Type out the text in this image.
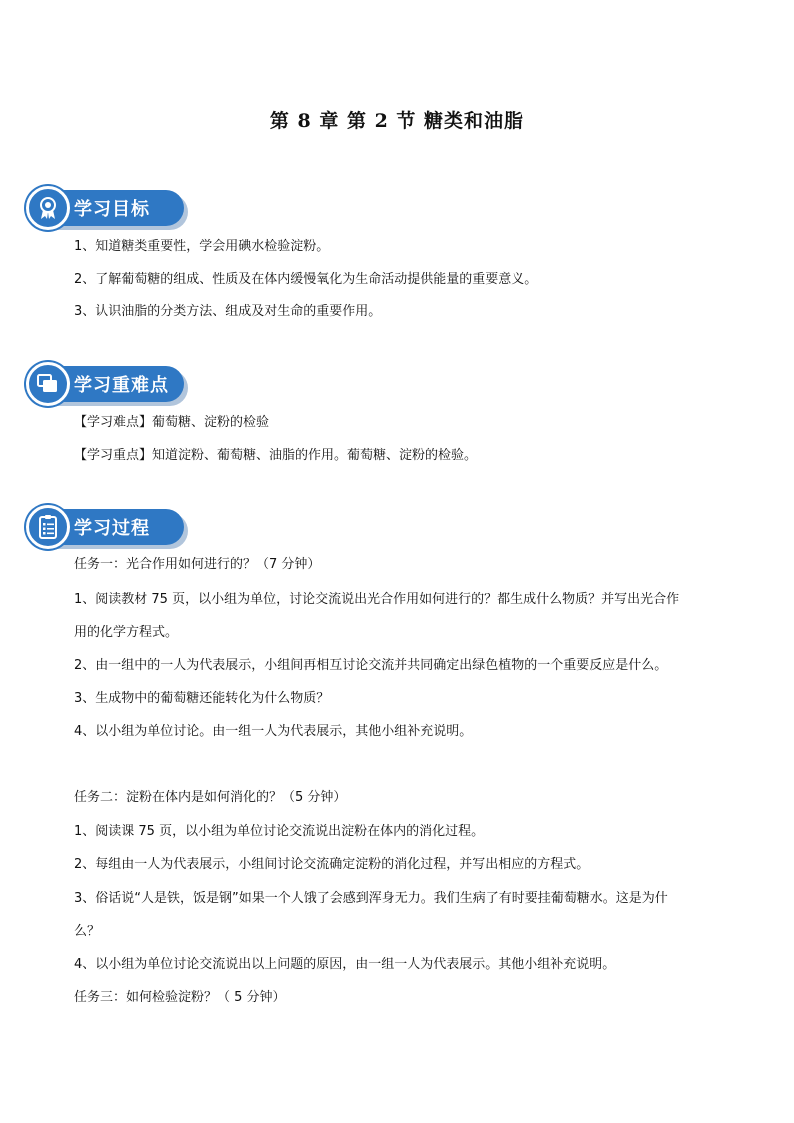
第 8 章 第 2 节 糖类和油脂
学习目标
1、知道糖类重要性，学会用碘水检验淀粉。
2、了解葡萄糖的组成、性质及在体内缓慢氧化为生命活动提供能量的重要意义。
3、认识油脂的分类方法、组成及对生命的重要作用。
学习重难点
【学习难点】葡萄糖、淀粉的检验
【学习重点】知道淀粉、葡萄糖、油脂的作用。葡萄糖、淀粉的检验。
学习过程
任务一：光合作用如何进行的？（7 分钟）
1、阅读教材 75 页，以小组为单位，讨论交流说出光合作用如何进行的？都生成什么物质？并写出光合作
用的化学方程式。
2、由一组中的一人为代表展示，小组间再相互讨论交流并共同确定出绿色植物的一个重要反应是什么。
3、生成物中的葡萄糖还能转化为什么物质？
4、以小组为单位讨论。由一组一人为代表展示，其他小组补充说明。
任务二：淀粉在体内是如何消化的？（5 分钟）
1、阅读课 75 页，以小组为单位讨论交流说出淀粉在体内的消化过程。
2、每组由一人为代表展示，小组间讨论交流确定淀粉的消化过程，并写出相应的方程式。
3、俗话说“人是铁，饭是钢”如果一个人饿了会感到浑身无力。我们生病了有时要挂葡萄糖水。这是为什
么？
4、以小组为单位讨论交流说出以上问题的原因，由一组一人为代表展示。其他小组补充说明。
任务三：如何检验淀粉？（ 5 分钟）
